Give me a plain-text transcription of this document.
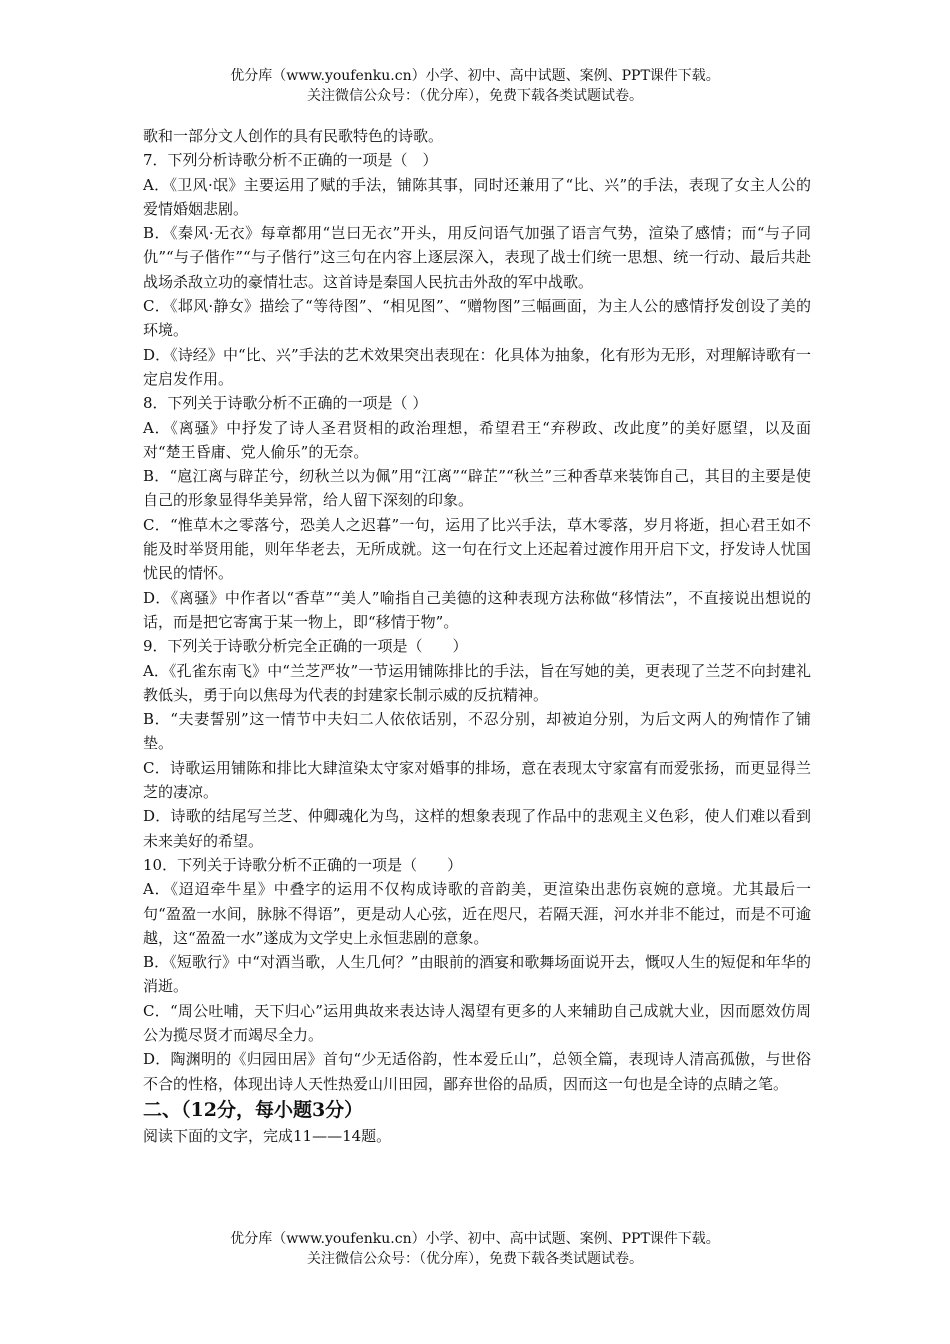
优分库（www.youfenku.cn）小学、初中、高中试题、案例、PPT课件下载。
关注微信公众号：（优分库），免费下载各类试题试卷。

歌和一部分文人创作的具有民歌特色的诗歌。

7．下列分析诗歌分析不正确的一项是（　）

A．《卫风·氓》主要运用了赋的手法，铺陈其事，同时还兼用了“比、兴”的手法，表现了女主人公的爱情婚姻悲剧。

B．《秦风·无衣》每章都用“岂曰无衣”开头，用反问语气加强了语言气势，渲染了感情；而“与子同仇”“与子偕作”“与子偕行”这三句在内容上逐层深入，表现了战士们统一思想、统一行动、最后共赴战场杀敌立功的豪情壮志。这首诗是秦国人民抗击外敌的军中战歌。

C．《邶风·静女》描绘了“等待图”、“相见图”、“赠物图”三幅画面，为主人公的感情抒发创设了美的环境。

D．《诗经》中“比、兴”手法的艺术效果突出表现在：化具体为抽象，化有形为无形，对理解诗歌有一定启发作用。

8．下列关于诗歌分析不正确的一项是（ ）

A．《离骚》中抒发了诗人圣君贤相的政治理想，希望君王“弃秽政、改此度”的美好愿望，以及面对“楚王昏庸、党人偷乐”的无奈。

B．“扈江离与辟芷兮，纫秋兰以为佩”用“江离”“辟芷”“秋兰”三种香草来装饰自己，其目的主要是使自己的形象显得华美异常，给人留下深刻的印象。

C．“惟草木之零落兮，恐美人之迟暮”一句，运用了比兴手法，草木零落，岁月将逝，担心君王如不能及时举贤用能，则年华老去，无所成就。这一句在行文上还起着过渡作用开启下文，抒发诗人忧国忧民的情怀。

D．《离骚》中作者以“香草”“美人”喻指自己美德的这种表现方法称做“移情法”，不直接说出想说的话，而是把它寄寓于某一物上，即“移情于物”。

9．下列关于诗歌分析完全正确的一项是（　　）

A．《孔雀东南飞》中“兰芝严妆”一节运用铺陈排比的手法，旨在写她的美，更表现了兰芝不向封建礼教低头，勇于向以焦母为代表的封建家长制示威的反抗精神。

B．“夫妻誓别”这一情节中夫妇二人依依话别，不忍分别，却被迫分别，为后文两人的殉情作了铺垫。

C．诗歌运用铺陈和排比大肆渲染太守家对婚事的排场，意在表现太守家富有而爱张扬，而更显得兰芝的凄凉。

D．诗歌的结尾写兰芝、仲卿魂化为鸟，这样的想象表现了作品中的悲观主义色彩，使人们难以看到未来美好的希望。

10．下列关于诗歌分析不正确的一项是（　　）

A．《迢迢牵牛星》中叠字的运用不仅构成诗歌的音韵美，更渲染出悲伤哀婉的意境。尤其最后一句“盈盈一水间，脉脉不得语”，更是动人心弦，近在咫尺，若隔天涯，河水并非不能过，而是不可逾越，这“盈盈一水”遂成为文学史上永恒悲剧的意象。

B．《短歌行》中“对酒当歌，人生几何？”由眼前的酒宴和歌舞场面说开去，慨叹人生的短促和年华的消逝。

C．“周公吐哺，天下归心”运用典故来表达诗人渴望有更多的人来辅助自己成就大业，因而愿效仿周公为揽尽贤才而竭尽全力。

D．陶渊明的《归园田居》首句“少无适俗韵，性本爱丘山”，总领全篇，表现诗人清高孤傲，与世俗不合的性格，体现出诗人天性热爱山川田园，鄙弃世俗的品质，因而这一句也是全诗的点睛之笔。

二、（12分，每小题3分）

阅读下面的文字，完成11——14题。

优分库（www.youfenku.cn）小学、初中、高中试题、案例、PPT课件下载。
关注微信公众号：（优分库），免费下载各类试题试卷。
